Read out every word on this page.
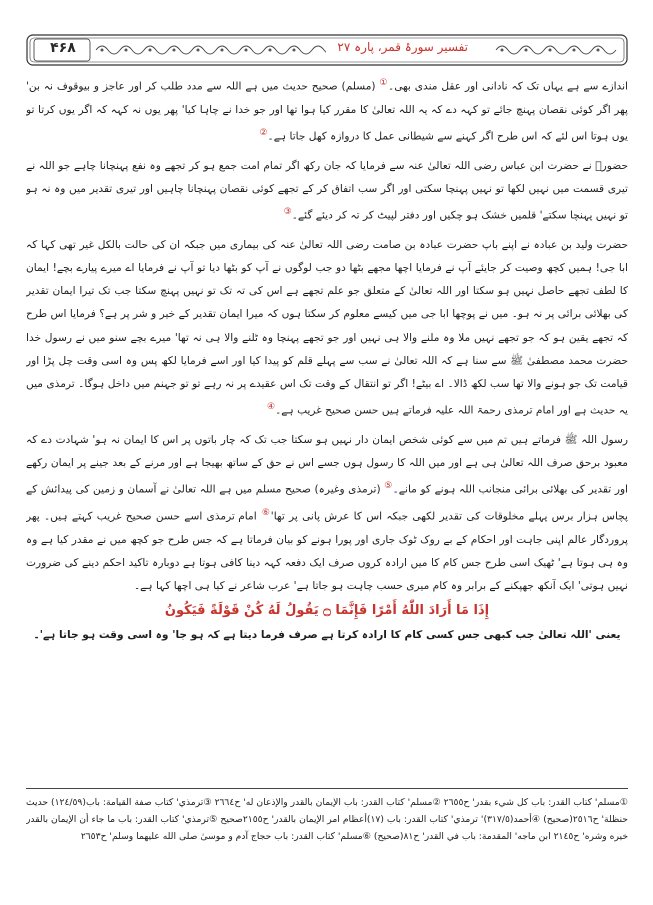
۴۶۸	تفسیر سورۂ قمر، پارہ ۲۷

اندازے سے ہے یہاں تک کہ نادانی اور عقل مندی بھی۔① (مسلم) صحیح حدیث میں ہے اللہ سے مدد طلب کر اور عاجز و بیوقوف نہ بن' پھر اگر کوئی نقصان پہنچ جائے تو کہہ دے کہ یہ اللہ تعالیٰ کا مقرر کیا ہوا تھا اور جو خدا نے چاہا کیا' پھر یوں نہ کہہ کہ اگر یوں کرتا تو یوں ہوتا اس لئے کہ اس طرح اگر کہنے سے شیطانی عمل کا دروازہ کھل جاتا ہے۔②

حضورؐ نے حضرت ابن عباس رضی اللہ تعالیٰ عنہ سے فرمایا کہ جان رکھ اگر تمام امت جمع ہو کر تجھے وہ نفع پہنچانا چاہے جو اللہ نے تیری قسمت میں نہیں لکھا تو نہیں پہنچا سکتی اور اگر سب اتفاق کر کے تجھے کوئی نقصان پہنچانا چاہیں اور تیری تقدیر میں وہ نہ ہو تو نہیں پہنچا سکتے' قلمیں خشک ہو چکیں اور دفتر لپیٹ کر تہ کر دیئے گئے۔③

حضرت ولید بن عبادہ نے اپنے باپ حضرت عبادہ بن صامت رضی اللہ تعالیٰ عنہ کی بیماری میں جبکہ ان کی حالت بالکل غیر تھی کہا کہ ابا جی! ہمیں کچھ وصیت کر جایئے آپ نے فرمایا اچھا مجھے بٹھا دو جب لوگوں نے آپ کو بٹھا دیا تو آپ نے فرمایا اے میرے پیارے بچے! ایمان کا لطف تجھے حاصل نہیں ہو سکتا اور اللہ تعالیٰ کے متعلق جو علم تجھے ہے اس کی تہ تک تو نہیں پہنچ سکتا جب تک تیرا ایمان تقدیر کی بھلائی برائی پر نہ ہو۔ میں نے پوچھا ابا جی میں کیسے معلوم کر سکتا ہوں کہ میرا ایمان تقدیر کے خیر و شر پر ہے؟ فرمایا اس طرح کہ تجھے یقین ہو کہ جو تجھے نہیں ملا وہ ملنے والا ہی نہیں اور جو تجھے پہنچا وہ ٹلنے والا ہی نہ تھا' میرے بچے سنو میں نے رسول خدا حضرت محمد مصطفیٰ ﷺ سے سنا ہے کہ اللہ تعالیٰ نے سب سے پہلے قلم کو پیدا کیا اور اسے فرمایا لکھ پس وہ اسی وقت چل پڑا اور قیامت تک جو ہونے والا تھا سب لکھ ڈالا۔ اے بیٹے! اگر تو انتقال کے وقت تک اس عقیدے پر نہ رہے تو تو جہنم میں داخل ہوگا۔ ترمذی میں یہ حدیث ہے اور امام ترمذی رحمۃ اللہ علیہ فرماتے ہیں حسن صحیح غریب ہے۔④

رسول اللہ ﷺ فرماتے ہیں تم میں سے کوئی شخص ایمان دار نہیں ہو سکتا جب تک کہ چار باتوں پر اس کا ایمان نہ ہو' شہادت دے کہ معبود برحق صرف اللہ تعالیٰ ہی ہے اور میں اللہ کا رسول ہوں جسے اس نے حق کے ساتھ بھیجا ہے اور مرنے کے بعد جینے پر ایمان رکھے اور تقدیر کی بھلائی برائی منجانب اللہ ہونے کو مانے۔⑤ (ترمذی وغیرہ) صحیح مسلم میں ہے اللہ تعالیٰ نے آسمان و زمین کی پیدائش کے پچاس ہزار برس پہلے مخلوقات کی تقدیر لکھی جبکہ اس کا عرش پانی پر تھا'⑥ امام ترمذی اسے حسن صحیح غریب کہتے ہیں۔ پھر پروردگار عالم اپنی جاہت اور احکام کے بے روک ٹوک جاری اور پورا ہونے کو بیان فرماتا ہے کہ جس طرح جو کچھ میں نے مقدر کیا ہے وہ وہ ہی ہوتا ہے' ٹھیک اسی طرح جس کام کا میں ارادہ کروں صرف ایک دفعہ کہہ دینا کافی ہوتا ہے دوبارہ تاکید احکم دینے کی ضرورت نہیں ہوتی' ایک آنکھ جھپکنے کے برابر وہ کام میری حسب چاہت ہو جاتا ہے' عرب شاعر نے کیا ہی اچھا کہا ہے۔

إِذَا مَا أَرَادَ اللّٰهُ أَمْرًا فَإِنَّمَا ۝ يَقُولُ لَهُ كُنْ قَوْلَةً فَيَكُونُ

یعنی 'اللہ تعالیٰ جب کبھی جس کسی کام کا ارادہ کرتا ہے صرف فرما دیتا ہے کہ ہو جا' وہ اسی وقت ہو جاتا ہے'۔

①مسلم' کتاب القدر: باب کل شيء بقدر' ح٢٦٥٥ ②مسلم' کتاب القدر: باب الإیمان بالقدر والإذعان له' ح٢٦٦٤ ③ترمذي' کتاب صفة القیامة: باب(١٢٤/٥٩) حدیث حنظلة' ح٢٥١٦(صحیح) ④أحمد(٣١٧/٥)' ترمذي' کتاب القدر: باب (١٧)أعظام امر الإیمان بالقدر' ح٢١٥٥صحیح ⑤ترمذي' کتاب القدر: باب ما جاء أن الإیمان بالقدر خیره وشره' ح٢١٤٥ ابن ماجه' المقدمة: باب في القدر' ح٨١(صحیح) ⑥مسلم' کتاب القدر: باب حجاج آدم و موسیٰ صلی الله علیهما وسلم' ح٢٦٥٣
